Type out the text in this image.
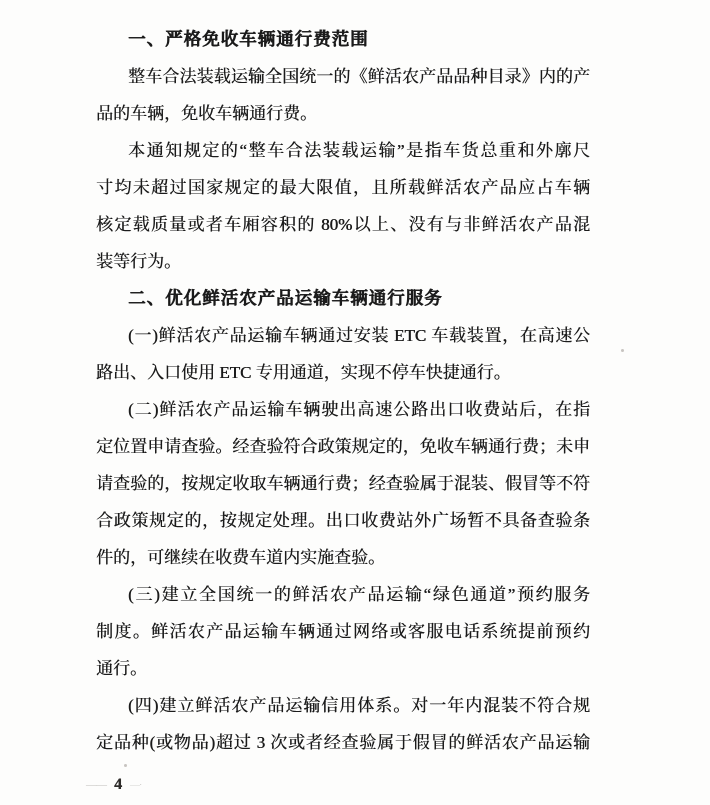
一、严格免收车辆通行费范围
整车合法装载运输全国统一的《鲜活农产品品种目录》内的产
品的车辆，免收车辆通行费。
本通知规定的“整车合法装载运输”是指车货总重和外廓尺
寸均未超过国家规定的最大限值，且所载鲜活农产品应占车辆
核定载质量或者车厢容积的 80%以上、没有与非鲜活农产品混
装等行为。
二、优化鲜活农产品运输车辆通行服务
(一)鲜活农产品运输车辆通过安装 ETC 车载装置，在高速公
路出、入口使用 ETC 专用通道，实现不停车快捷通行。
(二)鲜活农产品运输车辆驶出高速公路出口收费站后，在指
定位置申请查验。经查验符合政策规定的，免收车辆通行费；未申
请查验的，按规定收取车辆通行费；经查验属于混装、假冒等不符
合政策规定的，按规定处理。出口收费站外广场暂不具备查验条
件的，可继续在收费车道内实施查验。
(三)建立全国统一的鲜活农产品运输“绿色通道”预约服务
制度。鲜活农产品运输车辆通过网络或客服电话系统提前预约
通行。
(四)建立鲜活农产品运输信用体系。对一年内混装不符合规
定品种(或物品)超过 3 次或者经查验属于假冒的鲜活农产品运输
—— 4 —·
